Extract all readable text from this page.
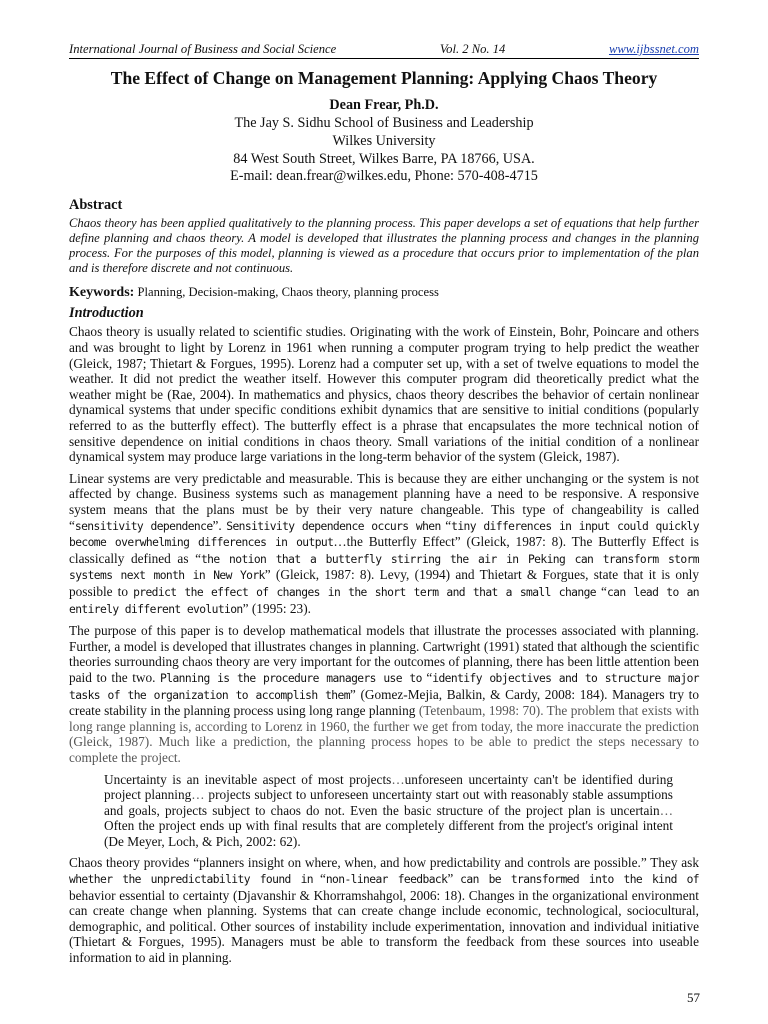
International Journal of Business and Social Science	Vol. 2 No. 14	www.ijbssnet.com
The Effect of Change on Management Planning: Applying Chaos Theory
Dean Frear, Ph.D.
The Jay S. Sidhu School of Business and Leadership
Wilkes University
84 West South Street, Wilkes Barre, PA 18766, USA.
E-mail: dean.frear@wilkes.edu, Phone: 570-408-4715
Abstract

Chaos theory has been applied qualitatively to the planning process. This paper develops a set of equations that help further define planning and chaos theory. A model is developed that illustrates the planning process and changes in the planning process. For the purposes of this model, planning is viewed as a procedure that occurs prior to implementation of the plan and is therefore discrete and not continuous.

Keywords: Planning, Decision-making, Chaos theory, planning process

Introduction

Chaos theory is usually related to scientific studies. Originating with the work of Einstein, Bohr, Poincare and others and was brought to light by Lorenz in 1961 when running a computer program trying to help predict the weather (Gleick, 1987; Thietart & Forgues, 1995). Lorenz had a computer set up, with a set of twelve equations to model the weather. It did not predict the weather itself. However this computer program did theoretically predict what the weather might be (Rae, 2004). In mathematics and physics, chaos theory describes the behavior of certain nonlinear dynamical systems that under specific conditions exhibit dynamics that are sensitive to initial conditions (popularly referred to as the butterfly effect). The butterfly effect is a phrase that encapsulates the more technical notion of sensitive dependence on initial conditions in chaos theory. Small variations of the initial condition of a nonlinear dynamical system may produce large variations in the long-term behavior of the system (Gleick, 1987).

Linear systems are very predictable and measurable. This is because they are either unchanging or the system is not affected by change. Business systems such as management planning have a need to be responsive. A responsive system means that the plans must be by their very nature changeable. This type of changeability is called “sensitivity dependence”. Sensitivity dependence occurs when “tiny differences in input could quickly become overwhelming differences in output…the Butterfly Effect” (Gleick, 1987: 8). The Butterfly Effect is classically defined as “the notion that a butterfly stirring the air in Peking can transform storm systems next month in New York” (Gleick, 1987: 8). Levy, (1994) and Thietart & Forgues, state that it is only possible to predict the effect of changes in the short term and that a small change “can lead to an entirely different evolution” (1995: 23).

The purpose of this paper is to develop mathematical models that illustrate the processes associated with planning. Further, a model is developed that illustrates changes in planning. Cartwright (1991) stated that although the scientific theories surrounding chaos theory are very important for the outcomes of planning, there has been little attention been paid to the two. Planning is the procedure managers use to “identify objectives and to structure major tasks of the organization to accomplish them” (Gomez-Mejia, Balkin, & Cardy, 2008: 184). Managers try to create stability in the planning process using long range planning (Tetenbaum, 1998: 70). The problem that exists with long range planning is, according to Lorenz in 1960, the further we get from today, the more inaccurate the prediction (Gleick, 1987). Much like a prediction, the planning process hopes to be able to predict the steps necessary to complete the project.

Uncertainty is an inevitable aspect of most projects…unforeseen uncertainty can't be identified during project planning… projects subject to unforeseen uncertainty start out with reasonably stable assumptions and goals, projects subject to chaos do not. Even the basic structure of the project plan is uncertain… Often the project ends up with final results that are completely different from the project's original intent (De Meyer, Loch, & Pich, 2002: 62).

Chaos theory provides “planners insight on where, when, and how predictability and controls are possible.” They ask whether the unpredictability found in “non-linear feedback” can be transformed into the kind of behavior essential to certainty (Djavanshir & Khorramshahgol, 2006: 18). Changes in the organizational environment can create change when planning. Systems that can create change include economic, technological, sociocultural, demographic, and political. Other sources of instability include experimentation, innovation and individual initiative (Thietart & Forgues, 1995). Managers must be able to transform the feedback from these sources into useable information to aid in planning.

57
